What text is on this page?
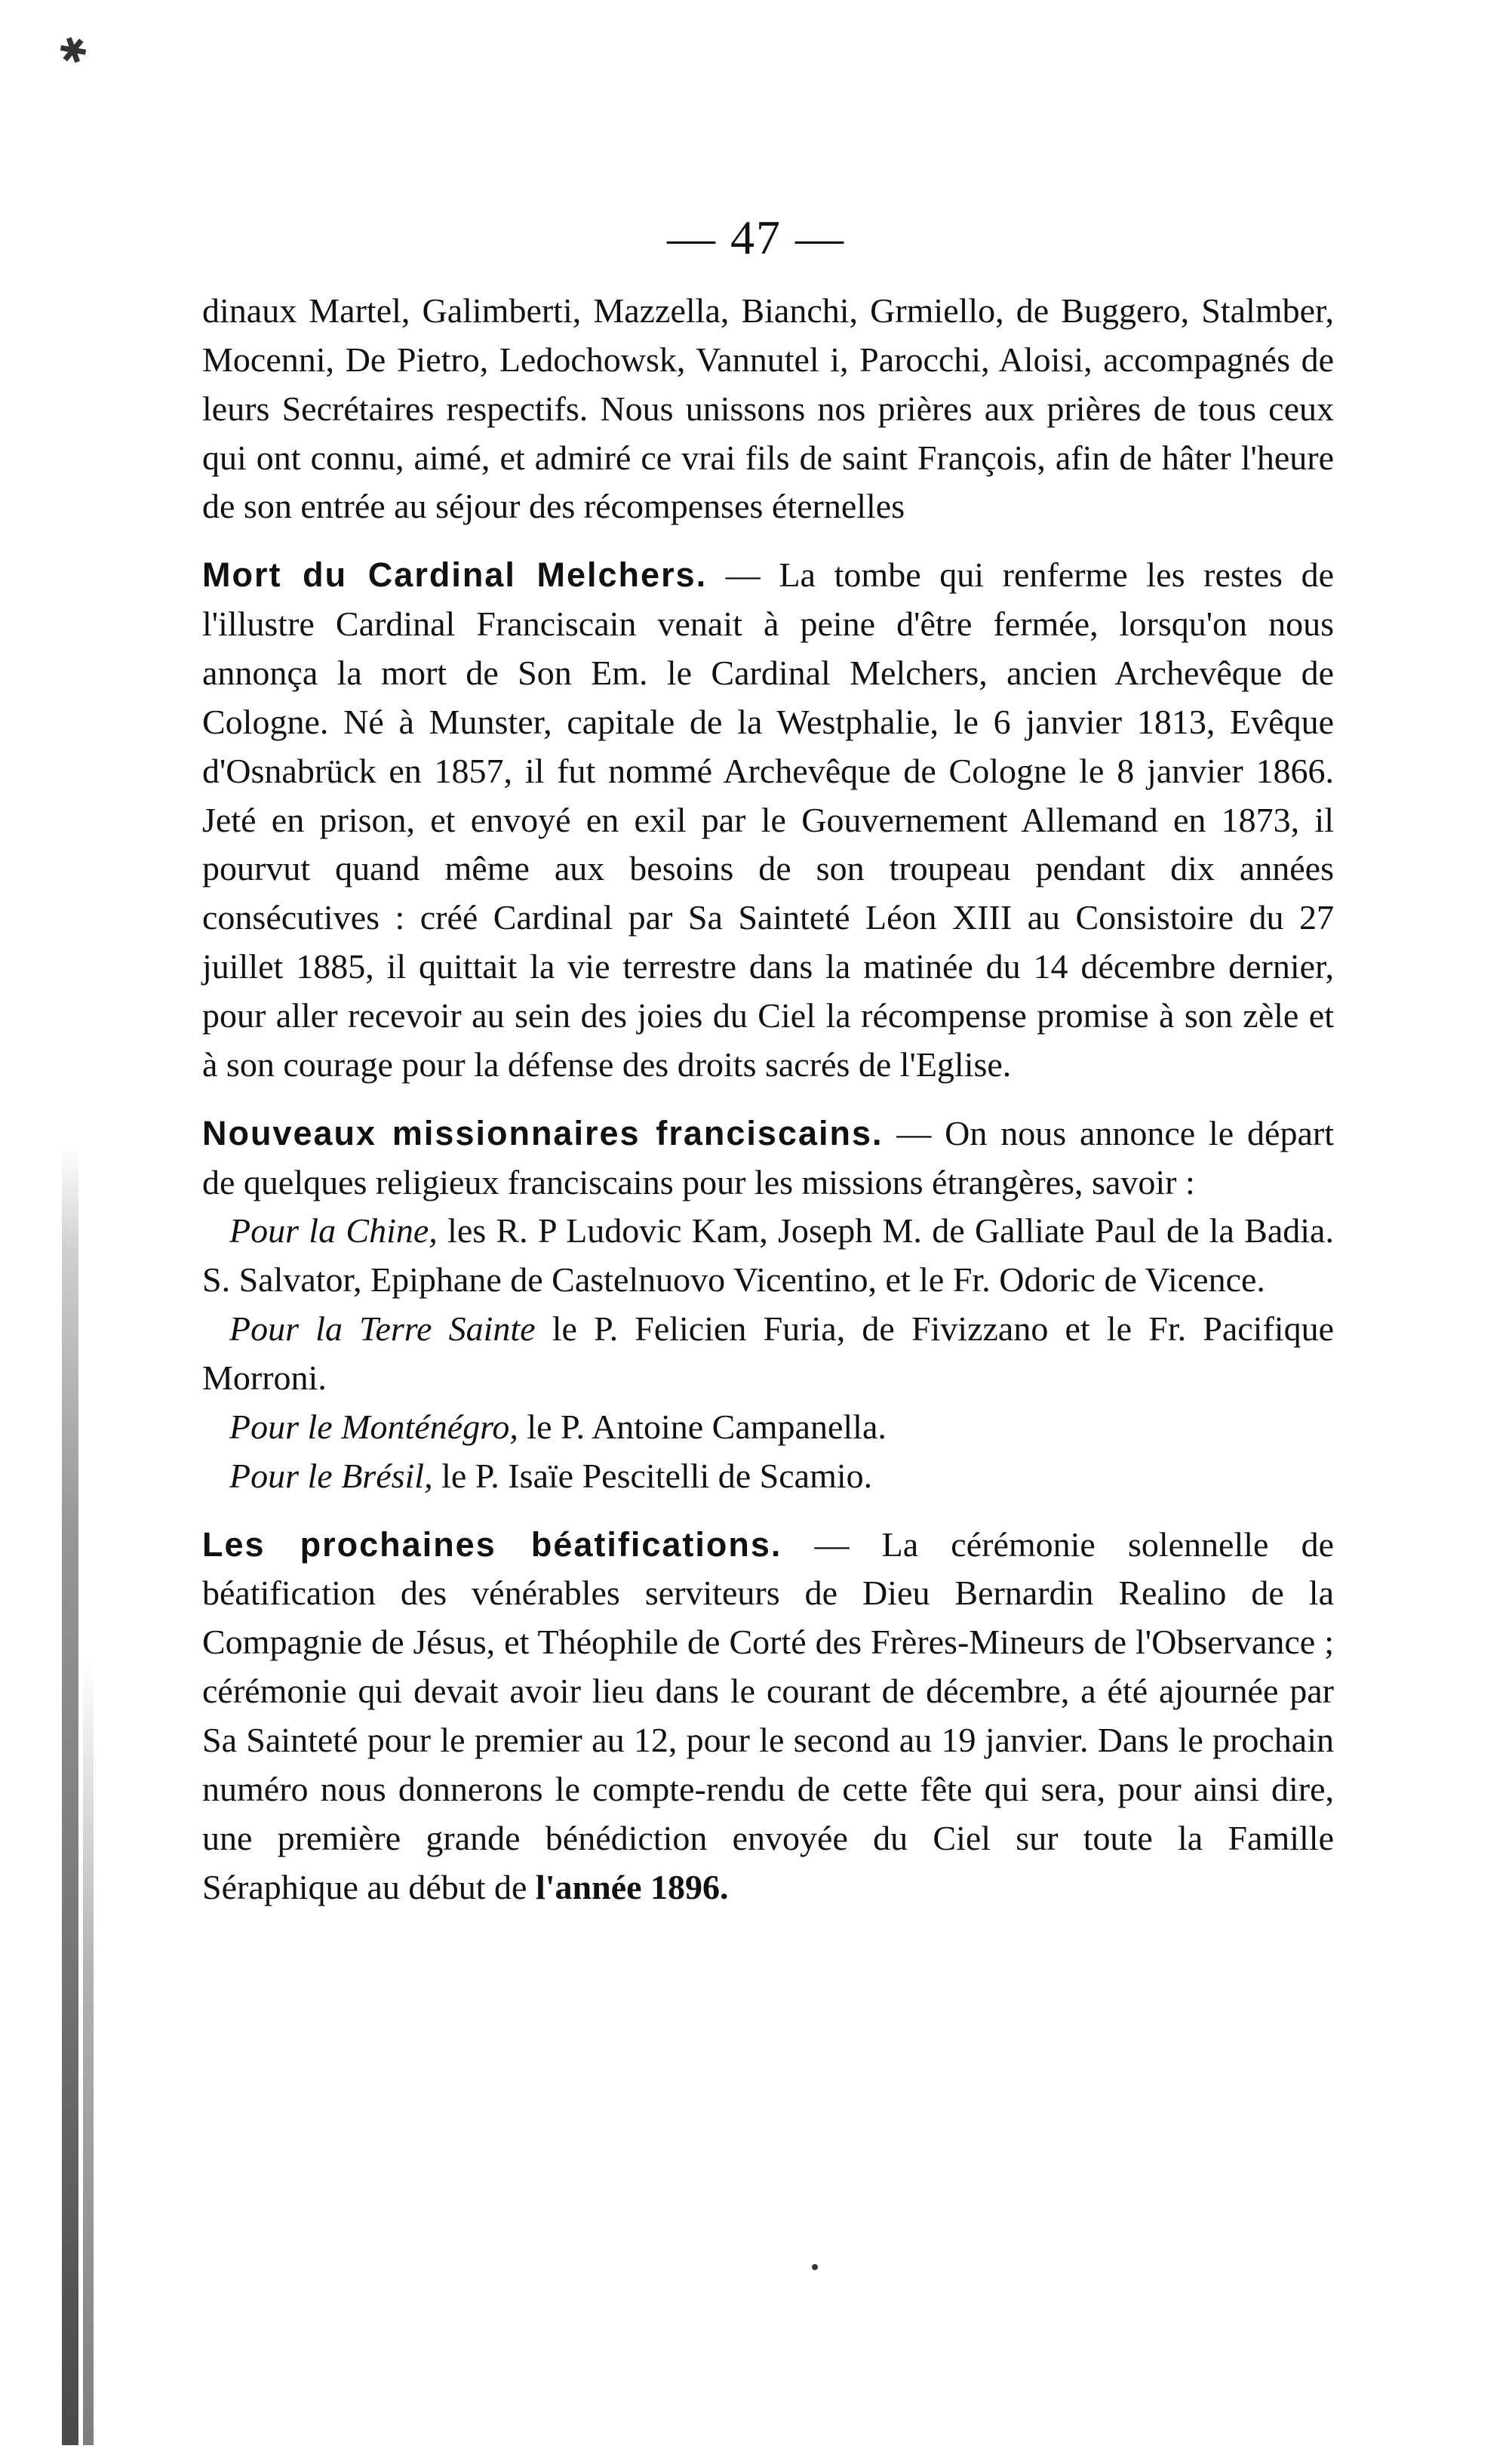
✱
— 47 —

dinaux Martel, Galimberti, Mazzella, Bianchi, Grmiello, de Buggero, Stalmber, Mocenni, De Pietro, Ledochowsk, Vannutel i, Parocchi, Aloisi, accompagnés de leurs Secrétaires respectifs. Nous unissons nos prières aux prières de tous ceux qui ont connu, aimé, et admiré ce vrai fils de saint François, afin de hâter l'heure de son entrée au séjour des récompenses éternelles

Mort du Cardinal Melchers. — La tombe qui renferme les restes de l'illustre Cardinal Franciscain venait à peine d'être fermée, lorsqu'on nous annonça la mort de Son Em. le Cardinal Melchers, ancien Archevêque de Cologne. Né à Munster, capitale de la Westphalie, le 6 janvier 1813, Evêque d'Osnabrück en 1857, il fut nommé Archevêque de Cologne le 8 janvier 1866. Jeté en prison, et envoyé en exil par le Gouvernement Allemand en 1873, il pourvut quand même aux besoins de son troupeau pendant dix années consécutives : créé Cardinal par Sa Sainteté Léon XIII au Consistoire du 27 juillet 1885, il quittait la vie terrestre dans la matinée du 14 décembre dernier, pour aller recevoir au sein des joies du Ciel la récompense promise à son zèle et à son courage pour la défense des droits sacrés de l'Eglise.

Nouveaux missionnaires franciscains. — On nous annonce le départ de quelques religieux franciscains pour les missions étrangères, savoir :

Pour la Chine, les R. P Ludovic Kam, Joseph M. de Galliate Paul de la Badia. S. Salvator, Epiphane de Castelnuovo Vicentino, et le Fr. Odoric de Vicence.
Pour la Terre Sainte le P. Felicien Furia, de Fivizzano et le Fr. Pacifique Morroni.
Pour le Monténégro, le P. Antoine Campanella.
Pour le Brésil, le P. Isaïe Pescitelli de Scamio.

Les prochaines béatifications. — La cérémonie solennelle de béatification des vénérables serviteurs de Dieu Bernardin Realino de la Compagnie de Jésus, et Théophile de Corté des Frères-Mineurs de l'Observance ; cérémonie qui devait avoir lieu dans le courant de décembre, a été ajournée par Sa Sainteté pour le premier au 12, pour le second au 19 janvier. Dans le prochain numéro nous donnerons le compte-rendu de cette fête qui sera, pour ainsi dire, une première grande bénédiction envoyée du Ciel sur toute la Famille Séraphique au début de l'année 1896.
